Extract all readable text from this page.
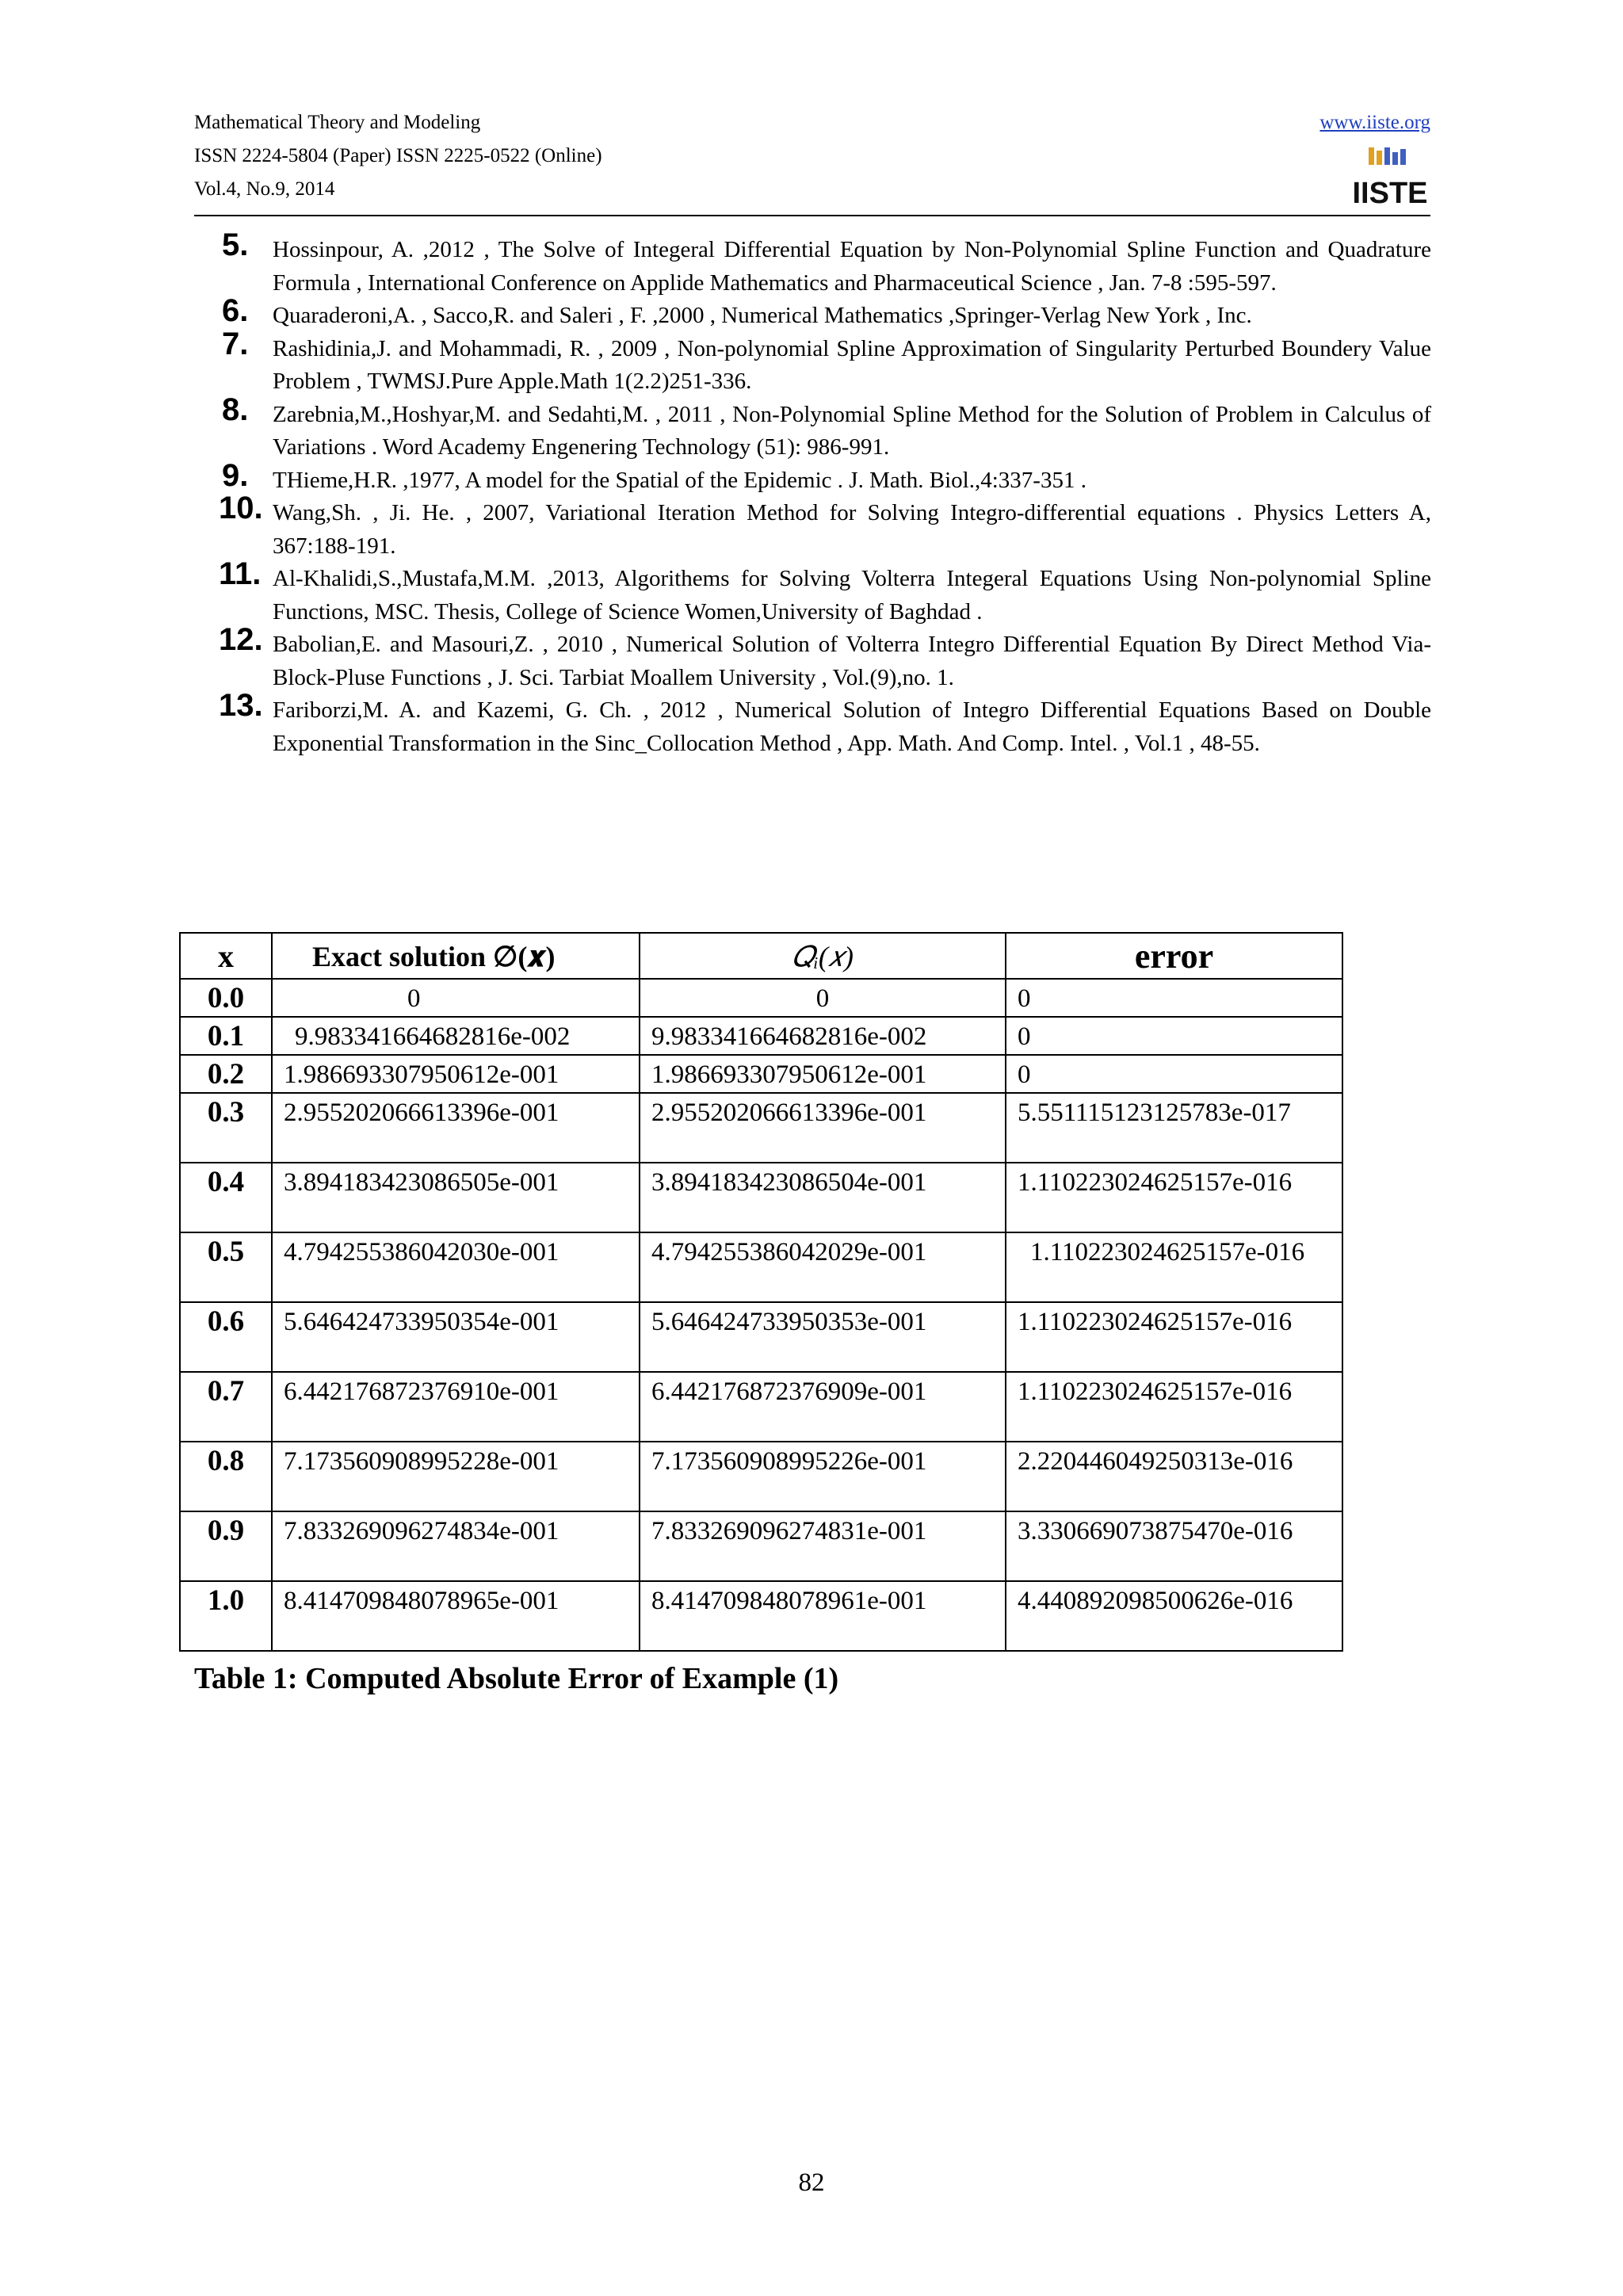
Mathematical Theory and Modeling
ISSN 2224-5804 (Paper) ISSN 2225-0522 (Online)
Vol.4, No.9, 2014
www.iiste.org
IISTE
5. Hossinpour, A. ,2012 , The Solve of Integeral Differential Equation by Non-Polynomial Spline Function and Quadrature Formula , International Conference on Applide Mathematics and Pharmaceutical Science , Jan. 7-8 :595-597.
6. Quaraderoni,A. , Sacco,R. and Saleri , F. ,2000 , Numerical Mathematics ,Springer-Verlag New York , Inc.
7. Rashidinia,J. and Mohammadi, R. , 2009 , Non-polynomial Spline Approximation of Singularity Perturbed Boundery Value Problem , TWMSJ.Pure Apple.Math 1(2.2)251-336.
8. Zarebnia,M.,Hoshyar,M. and Sedahti,M. , 2011 , Non-Polynomial Spline Method for the Solution of Problem in Calculus of Variations . Word Academy Engenering Technology (51): 986-991.
9. THieme,H.R. ,1977, A model for the Spatial of the Epidemic . J. Math. Biol.,4:337-351 .
10. Wang,Sh. , Ji. He. , 2007, Variational Iteration Method for Solving Integro-differential equations . Physics Letters A, 367:188-191.
11. Al-Khalidi,S.,Mustafa,M.M. ,2013, Algorithems for Solving Volterra Integeral Equations Using Non-polynomial Spline Functions, MSC. Thesis, College of Science Women,University of Baghdad .
12. Babolian,E. and Masouri,Z. , 2010 , Numerical Solution of Volterra Integro Differential Equation By Direct Method Via-Block-Pluse Functions , J. Sci. Tarbiat Moallem University , Vol.(9),no. 1.
13. Fariborzi,M. A. and Kazemi, G. Ch. , 2012 , Numerical Solution of Integro Differential Equations Based on Double Exponential Transformation in the Sinc_Collocation Method , App. Math. And Comp. Intel. , Vol.1 , 48-55.
x	Exact solution ∅(𝒙)	𝑄ᵢ(𝑥)	error
0.0	0	0	0
0.1	9.983341664682816e-002	9.983341664682816e-002	0
0.2	1.986693307950612e-001	1.986693307950612e-001	0
0.3	2.955202066613396e-001	2.955202066613396e-001	5.551115123125783e-017
0.4	3.894183423086505e-001	3.894183423086504e-001	1.110223024625157e-016
0.5	4.794255386042030e-001	4.794255386042029e-001	1.110223024625157e-016
0.6	5.646424733950354e-001	5.646424733950353e-001	1.110223024625157e-016
0.7	6.442176872376910e-001	6.442176872376909e-001	1.110223024625157e-016
0.8	7.173560908995228e-001	7.173560908995226e-001	2.220446049250313e-016
0.9	7.833269096274834e-001	7.833269096274831e-001	3.330669073875470e-016
1.0	8.414709848078965e-001	8.414709848078961e-001	4.440892098500626e-016
Table 1: Computed Absolute Error of Example (1)
82
